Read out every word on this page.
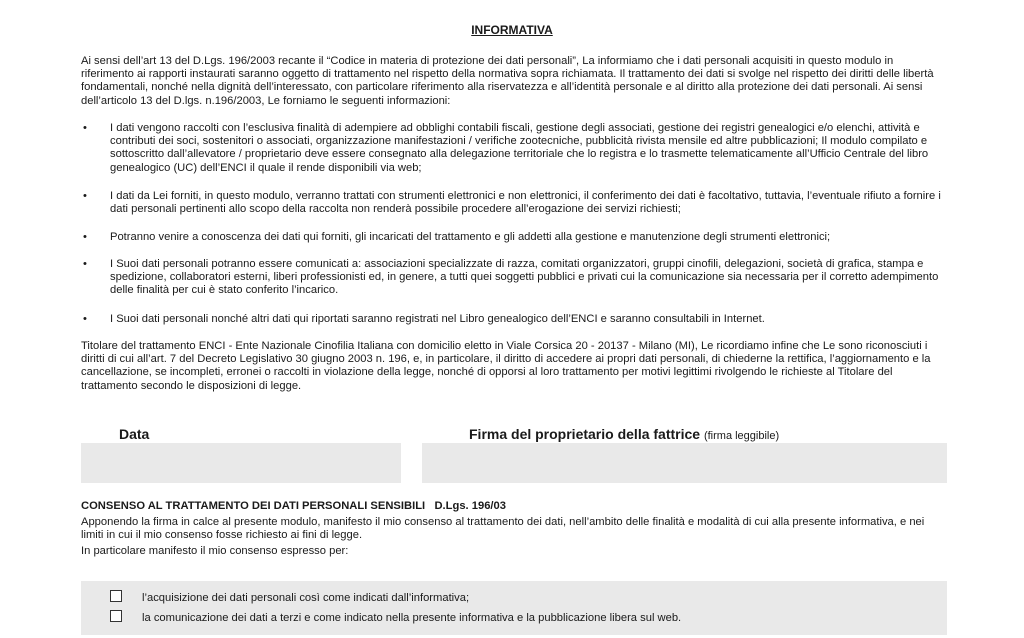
INFORMATIVA

Ai sensi dell’art 13 del D.Lgs. 196/2003 recante il “Codice in materia di protezione dei dati personali”, La informiamo che i dati personali acquisiti in questo modulo in riferimento ai rapporti instaurati saranno oggetto di trattamento nel rispetto della normativa sopra richiamata. Il trattamento dei dati si svolge nel rispetto dei diritti delle libertà fondamentali, nonché nella dignità dell’interessato, con particolare riferimento alla riservatezza e all’identità personale e al diritto alla protezione dei dati personali. Ai sensi dell’articolo 13 del D.lgs. n.196/2003, Le forniamo le seguenti informazioni:

• I dati vengono raccolti con l’esclusiva finalità di adempiere ad obblighi contabili fiscali, gestione degli associati, gestione dei registri genealogici e/o elenchi, attività e contributi dei soci, sostenitori o associati, organizzazione manifestazioni / verifiche zootecniche, pubblicità rivista mensile ed altre pubblicazioni; Il modulo compilato e sottoscritto dall’allevatore / proprietario deve essere consegnato alla delegazione territoriale che lo registra e lo trasmette telematicamente all’Ufficio Centrale del libro genealogico (UC) dell’ENCI il quale il rende disponibili via web;
• I dati da Lei forniti, in questo modulo, verranno trattati con strumenti elettronici e non elettronici, il conferimento dei dati è facoltativo, tuttavia, l’eventuale rifiuto a fornire i dati personali pertinenti allo scopo della raccolta non renderà possibile procedere all’erogazione dei servizi richiesti;
• Potranno venire a conoscenza dei dati qui forniti, gli incaricati del trattamento e gli addetti alla gestione e manutenzione degli strumenti elettronici;
• I Suoi dati personali potranno essere comunicati a: associazioni specializzate di razza, comitati organizzatori, gruppi cinofili, delegazioni, società di grafica, stampa e spedizione, collaboratori esterni, liberi professionisti ed, in genere, a tutti quei soggetti pubblici e privati cui la comunicazione sia necessaria per il corretto adempimento delle finalità per cui è stato conferito l’incarico.
• I Suoi dati personali nonché altri dati qui riportati saranno registrati nel Libro genealogico dell’ENCI e saranno consultabili in Internet.

Titolare del trattamento ENCI - Ente Nazionale Cinofilia Italiana con domicilio eletto in Viale Corsica 20 - 20137 - Milano (MI), Le ricordiamo infine che Le sono riconosciuti i diritti di cui all’art. 7 del Decreto Legislativo 30 giugno 2003 n. 196, e, in particolare, il diritto di accedere ai propri dati personali, di chiederne la rettifica, l’aggiornamento e la cancellazione, se incompleti, erronei o raccolti in violazione della legge, nonché di opporsi al loro trattamento per motivi legittimi rivolgendo le richieste al Titolare del trattamento secondo le disposizioni di legge.

Data	Firma del proprietario della fattrice (firma leggibile)
CONSENSO AL TRATTAMENTO DEI DATI PERSONALI SENSIBILI D.Lgs. 196/03

Apponendo la firma in calce al presente modulo, manifesto il mio consenso al trattamento dei dati, nell’ambito delle finalità e modalità di cui alla presente informativa, e nei limiti in cui il mio consenso fosse richiesto ai fini di legge.

In particolare manifesto il mio consenso espresso per:

l’acquisizione dei dati personali così come indicati dall’informativa;
la comunicazione dei dati a terzi e come indicato nella presente informativa e la pubblicazione libera sul web.
